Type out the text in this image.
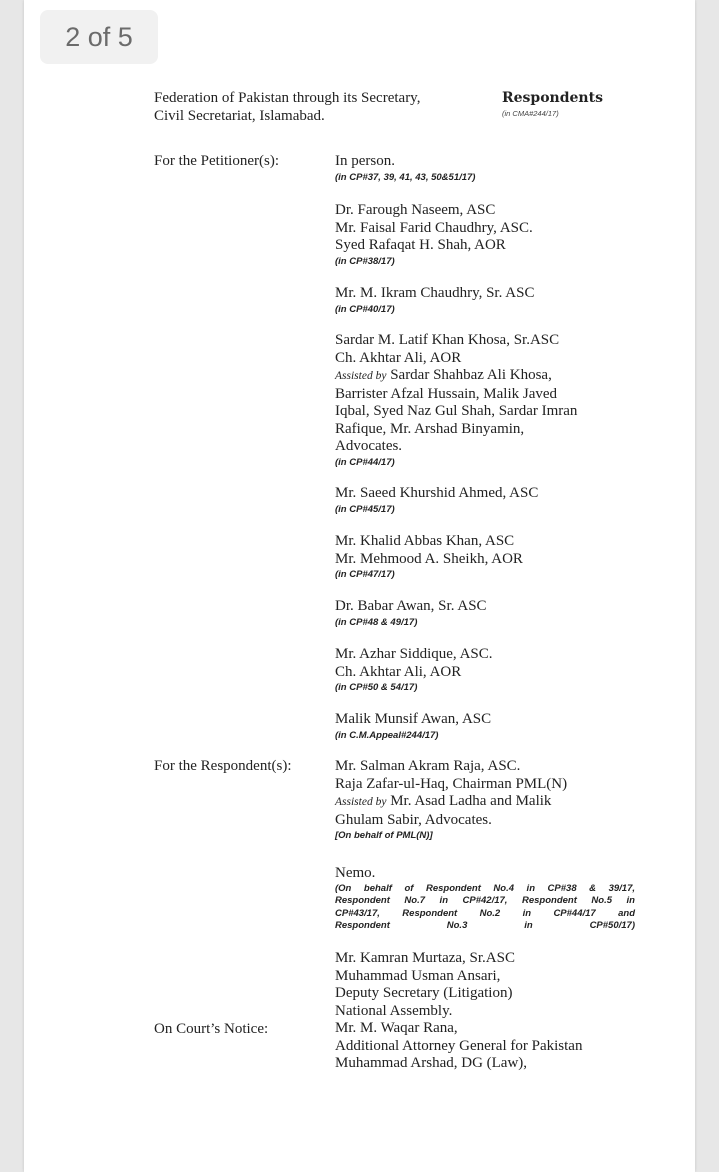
2 of 5
Federation of Pakistan through its Secretary,
Civil Secretariat, Islamabad.
Respondents
(in CMA#244/17)
For the Petitioner(s):
For the Respondent(s):
On Court’s Notice:
In person.
(in CP#37, 39, 41, 43, 50&51/17)
Dr. Farough Naseem, ASC
Mr. Faisal Farid Chaudhry, ASC.
Syed Rafaqat H. Shah, AOR
(in CP#38/17)
Mr. M. Ikram Chaudhry, Sr. ASC
(in CP#40/17)
Sardar M. Latif Khan Khosa, Sr.ASC
Ch. Akhtar Ali, AOR
Assisted by Sardar Shahbaz Ali Khosa,
Barrister Afzal Hussain, Malik Javed
Iqbal, Syed Naz Gul Shah, Sardar Imran
Rafique, Mr. Arshad Binyamin,
Advocates.
(in CP#44/17)
Mr. Saeed Khurshid Ahmed, ASC
(in CP#45/17)
Mr. Khalid Abbas Khan, ASC
Mr. Mehmood A. Sheikh, AOR
(in CP#47/17)
Dr. Babar Awan, Sr. ASC
(in CP#48 & 49/17)
Mr. Azhar Siddique, ASC.
Ch. Akhtar Ali, AOR
(in CP#50 & 54/17)
Malik Munsif Awan, ASC
(in C.M.Appeal#244/17)
Mr. Salman Akram Raja, ASC.
Raja Zafar-ul-Haq, Chairman PML(N)
Assisted by Mr. Asad Ladha and Malik
Ghulam Sabir, Advocates.
[On behalf of PML(N)]
Nemo.
(On behalf of Respondent No.4 in CP#38 & 39/17,
Respondent No.7 in CP#42/17, Respondent No.5 in
CP#43/17, Respondent No.2 in CP#44/17 and
Respondent No.3 in CP#50/17)
Mr. Kamran Murtaza, Sr.ASC
Muhammad Usman Ansari,
Deputy Secretary (Litigation)
National Assembly.
Mr. M. Waqar Rana,
Additional Attorney General for Pakistan
Muhammad Arshad, DG (Law),
